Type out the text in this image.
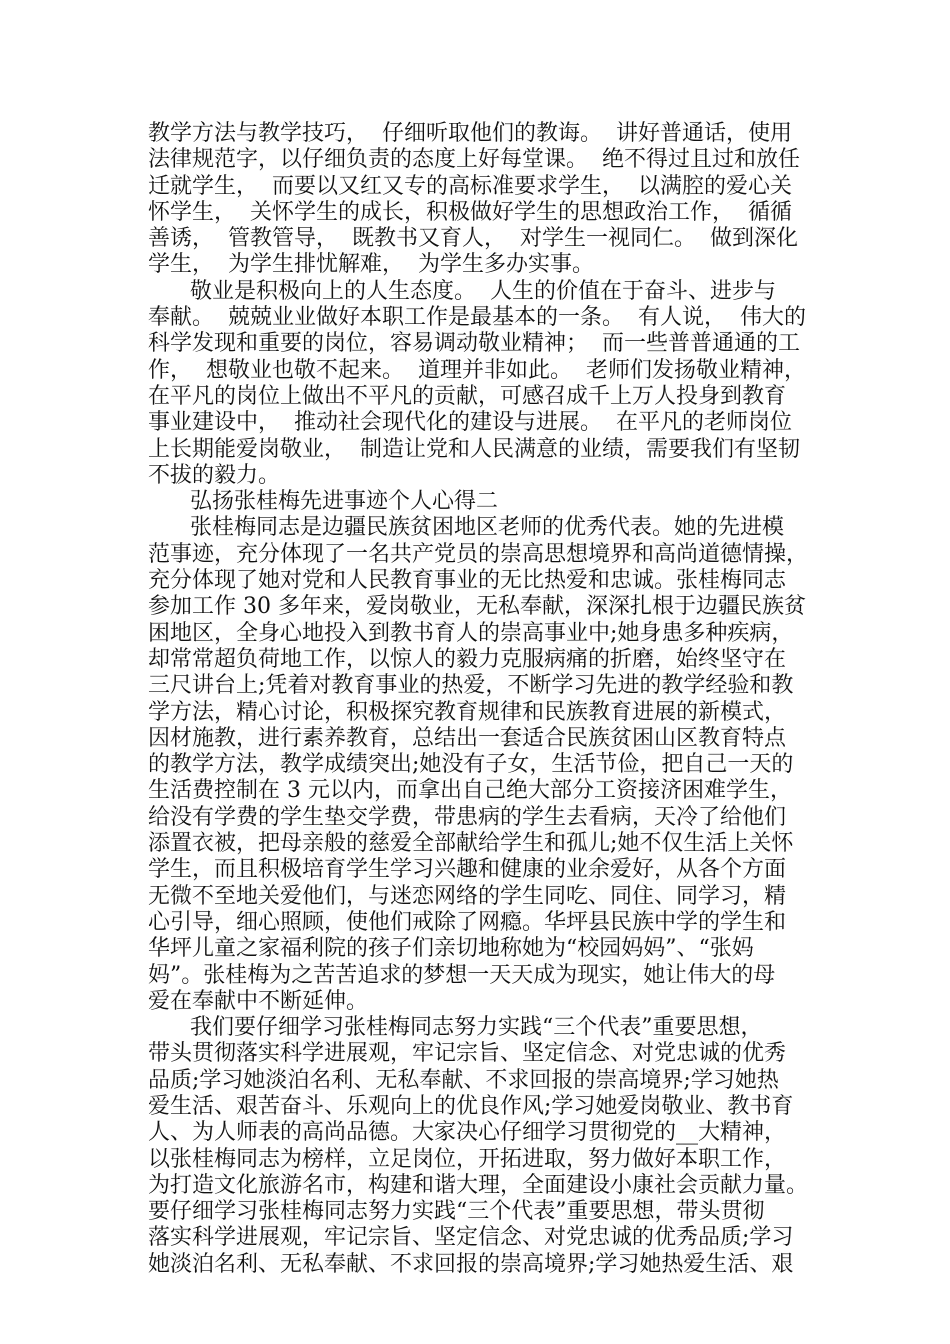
教学方法与教学技巧，  仔细听取他们的教诲。  讲好普通话，使用
法律规范字，以仔细负责的态度上好每堂课。  绝不得过且过和放任
迁就学生，  而要以又红又专的高标准要求学生，  以满腔的爱心关
怀学生，  关怀学生的成长，积极做好学生的思想政治工作，  循循
善诱，  管教管导，  既教书又育人，  对学生一视同仁。  做到深化
学生，  为学生排忧解难，  为学生多办实事。
敬业是积极向上的人生态度。  人生的价值在于奋斗、进步与
奉献。  兢兢业业做好本职工作是最基本的一条。  有人说，  伟大的
科学发现和重要的岗位，容易调动敬业精神；  而一些普普通通的工
作，  想敬业也敬不起来。  道理并非如此。  老师们发扬敬业精神，
在平凡的岗位上做出不平凡的贡献，可感召成千上万人投身到教育
事业建设中，  推动社会现代化的建设与进展。  在平凡的老师岗位
上长期能爱岗敬业，  制造让党和人民满意的业绩，需要我们有坚韧
不拔的毅力。
弘扬张桂梅先进事迹个人心得二
张桂梅同志是边疆民族贫困地区老师的优秀代表。她的先进模
范事迹，充分体现了一名共产党员的崇高思想境界和高尚道德情操，
充分体现了她对党和人民教育事业的无比热爱和忠诚。张桂梅同志
参加工作 30 多年来，爱岗敬业，无私奉献，深深扎根于边疆民族贫
困地区，全身心地投入到教书育人的崇高事业中;她身患多种疾病，
却常常超负荷地工作，以惊人的毅力克服病痛的折磨，始终坚守在
三尺讲台上;凭着对教育事业的热爱，不断学习先进的教学经验和教
学方法，精心讨论，积极探究教育规律和民族教育进展的新模式，
因材施教，进行素养教育，总结出一套适合民族贫困山区教育特点
的教学方法，教学成绩突出;她没有子女，生活节俭，把自己一天的
生活费控制在 3 元以内，而拿出自己绝大部分工资接济困难学生，
给没有学费的学生垫交学费，带患病的学生去看病，天冷了给他们
添置衣被，把母亲般的慈爱全部献给学生和孤儿;她不仅生活上关怀
学生，而且积极培育学生学习兴趣和健康的业余爱好，从各个方面
无微不至地关爱他们，与迷恋网络的学生同吃、同住、同学习，精
心引导，细心照顾，使他们戒除了网瘾。华坪县民族中学的学生和
华坪儿童之家福利院的孩子们亲切地称她为“校园妈妈”、“张妈
妈”。张桂梅为之苦苦追求的梦想一天天成为现实，她让伟大的母
爱在奉献中不断延伸。
我们要仔细学习张桂梅同志努力实践“三个代表”重要思想，
带头贯彻落实科学进展观，牢记宗旨、坚定信念、对党忠诚的优秀
品质;学习她淡泊名利、无私奉献、不求回报的崇高境界;学习她热
爱生活、艰苦奋斗、乐观向上的优良作风;学习她爱岗敬业、教书育
人、为人师表的高尚品德。大家决心仔细学习贯彻党的__大精神，
以张桂梅同志为榜样，立足岗位，开拓进取，努力做好本职工作，
为打造文化旅游名市，构建和谐大理，全面建设小康社会贡献力量。
要仔细学习张桂梅同志努力实践“三个代表”重要思想，带头贯彻
落实科学进展观，牢记宗旨、坚定信念、对党忠诚的优秀品质;学习
她淡泊名利、无私奉献、不求回报的崇高境界;学习她热爱生活、艰
